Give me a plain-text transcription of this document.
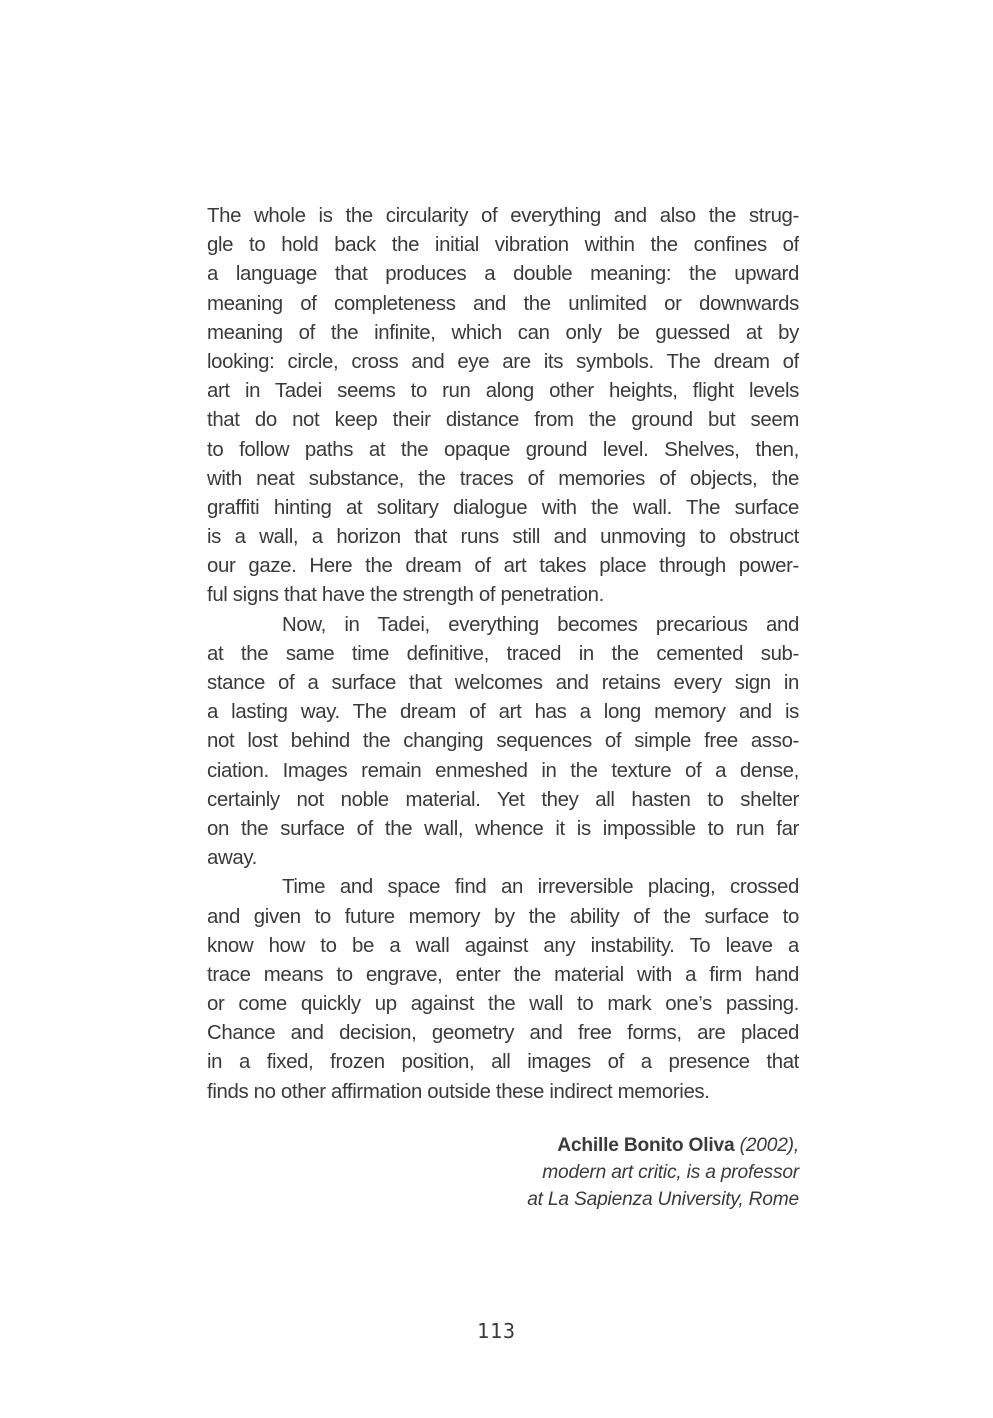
The whole is the circularity of everything and also the strug-
gle to hold back the initial vibration within the confines of
a language that produces a double meaning: the upward
meaning of completeness and the unlimited or downwards
meaning of the infinite, which can only be guessed at by
looking: circle, cross and eye are its symbols. The dream of
art in Tadei seems to run along other heights, flight levels
that do not keep their distance from the ground but seem
to follow paths at the opaque ground level. Shelves, then,
with neat substance, the traces of memories of objects, the
graffiti hinting at solitary dialogue with the wall. The surface
is a wall, a horizon that runs still and unmoving to obstruct
our gaze. Here the dream of art takes place through power-
ful signs that have the strength of penetration.
Now, in Tadei, everything becomes precarious and
at the same time definitive, traced in the cemented sub-
stance of a surface that welcomes and retains every sign in
a lasting way. The dream of art has a long memory and is
not lost behind the changing sequences of simple free asso-
ciation. Images remain enmeshed in the texture of a dense,
certainly not noble material. Yet they all hasten to shelter
on the surface of the wall, whence it is impossible to run far
away.
Time and space find an irreversible placing, crossed
and given to future memory by the ability of the surface to
know how to be a wall against any instability. To leave a
trace means to engrave, enter the material with a firm hand
or come quickly up against the wall to mark one’s passing.
Chance and decision, geometry and free forms, are placed
in a fixed, frozen position, all images of a presence that
finds no other affirmation outside these indirect memories.
Achille Bonito Oliva (2002),
modern art critic, is a professor
at La Sapienza University, Rome
113
